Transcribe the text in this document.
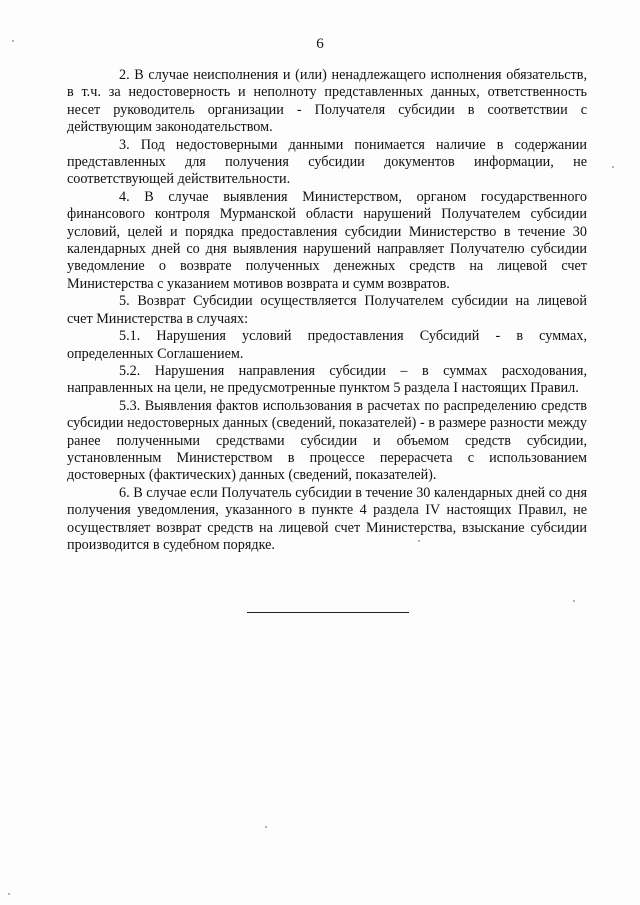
6

2. В случае неисполнения и (или) ненадлежащего исполнения обязательств, в т.ч. за недостоверность и неполноту представленных данных, ответственность несет руководитель организации - Получателя субсидии в соответствии с действующим законодательством.

3. Под недостоверными данными понимается наличие в содержании представленных для получения субсидии документов информации, не соответствующей действительности.

4. В случае выявления Министерством, органом государственного финансового контроля Мурманской области нарушений Получателем субсидии условий, целей и порядка предоставления субсидии Министерство в течение 30 календарных дней со дня выявления нарушений направляет Получателю субсидии уведомление о возврате полученных денежных средств на лицевой счет Министерства с указанием мотивов возврата и сумм возвратов.

5. Возврат Субсидии осуществляется Получателем субсидии на лицевой счет Министерства в случаях:

5.1. Нарушения условий предоставления Субсидий - в суммах, определенных Соглашением.

5.2. Нарушения направления субсидии – в суммах расходования, направленных на цели, не предусмотренные пунктом 5 раздела I настоящих Правил.

5.3. Выявления фактов использования в расчетах по распределению средств субсидии недостоверных данных (сведений, показателей) - в размере разности между ранее полученными средствами субсидии и объемом средств субсидии, установленным Министерством в процессе перерасчета с использованием достоверных (фактических) данных (сведений, показателей).

6. В случае если Получатель субсидии в течение 30 календарных дней со дня получения уведомления, указанного в пункте 4 раздела IV настоящих Правил, не осуществляет возврат средств на лицевой счет Министерства, взыскание субсидии производится в судебном порядке.
